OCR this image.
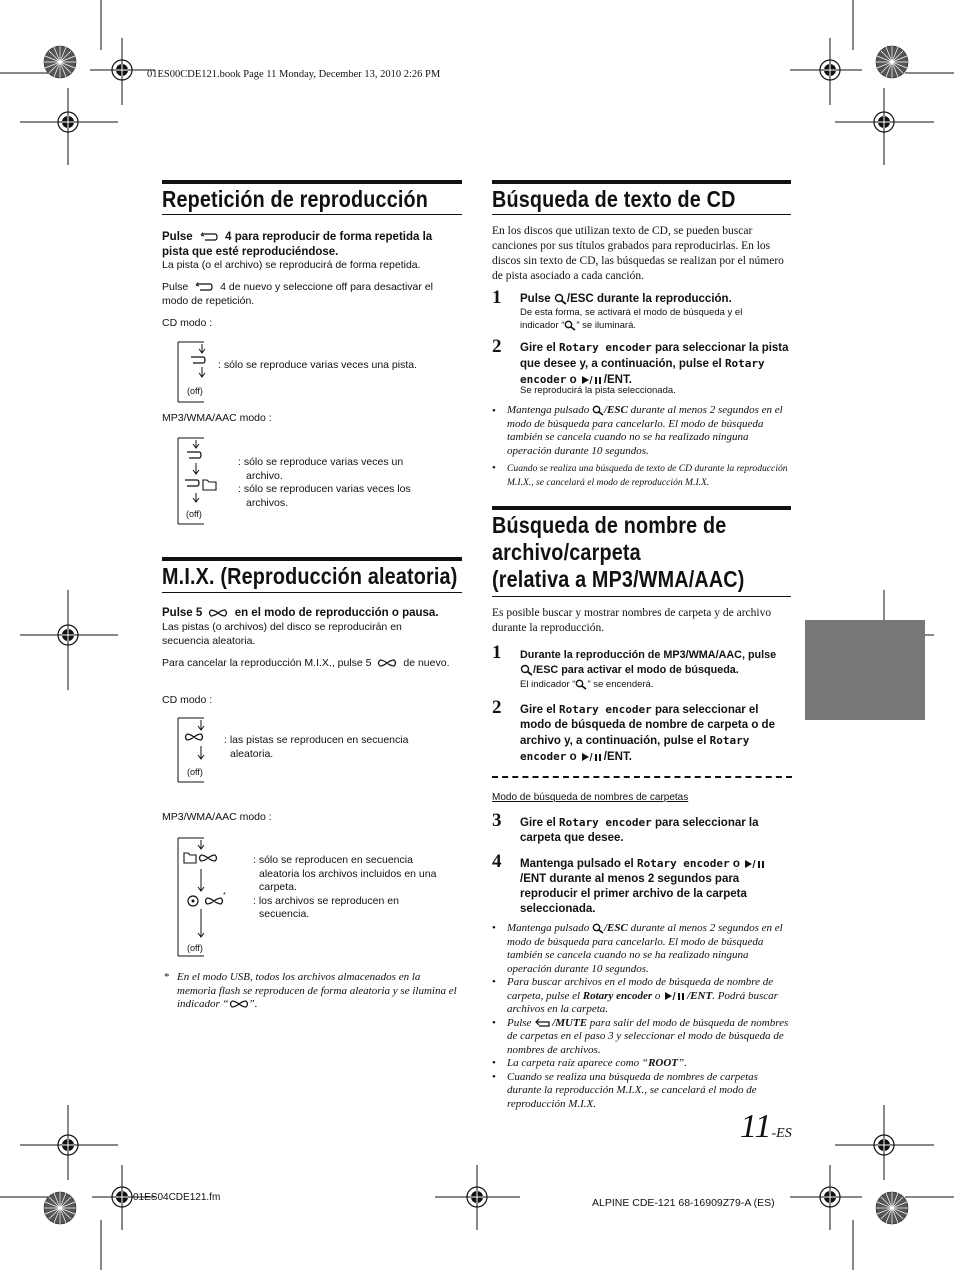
01ES00CDE121.book Page 11 Monday, December 13, 2010 2:26 PM
Repetición de reproducción
Pulse	4 para reproducir de forma repetida la pista que esté reproduciéndose.
La pista (o el archivo) se reproducirá de forma repetida.
Pulse	4 de nuevo y seleccione off para desactivar el modo de repetición.
CD modo :
(off)
: sólo se reproduce varias veces una pista.
MP3/WMA/AAC modo :
(off)
: sólo se reproduce varias veces un
archivo.
: sólo se reproducen varias veces los
archivos.
M.I.X. (Reproducción aleatoria)
Pulse 5	en el modo de reproducción o pausa.
Las pistas (o archivos) del disco se reproducirán en secuencia aleatoria.
Para cancelar la reproducción M.I.X., pulse 5	de nuevo.
CD modo :
(off)
: las pistas se reproducen en secuencia
aleatoria.
MP3/WMA/AAC modo :
*
(off)
: sólo se reproducen en secuencia
aleatoria los archivos incluidos en una
carpeta.
: los archivos se reproducen en
secuencia.
* En el modo USB, todos los archivos almacenados en la memoria flash se reproducen de forma aleatoria y se ilumina el indicador “ ”.
Búsqueda de texto de CD
En los discos que utilizan texto de CD, se pueden buscar canciones por sus títulos grabados para reproducirlas. En los discos sin texto de CD, las búsquedas se realizan por el número de pista asociado a cada canción.
1 Pulse /ESC durante la reproducción.
De esta forma, se activará el modo de búsqueda y el
indicador “ ” se iluminará.
2 Gire el Rotary encoder para seleccionar la pista que desee y, a continuación, pulse el Rotary encoder o /ENT.
Se reproducirá la pista seleccionada.
• Mantenga pulsado /ESC durante al menos 2 segundos en el modo de búsqueda para cancelarlo. El modo de búsqueda también se cancela cuando no se ha realizado ninguna operación durante 10 segundos.
• Cuando se realiza una búsqueda de texto de CD durante la reproducción M.I.X., se cancelará el modo de reproducción M.I.X.
Búsqueda de nombre de
archivo/carpeta
(relativa a MP3/WMA/AAC)
Es posible buscar y mostrar nombres de carpeta y de archivo durante la reproducción.
1 Durante la reproducción de MP3/WMA/AAC, pulse
/ESC para activar el modo de búsqueda.
El indicador “ ” se encenderá.
2 Gire el Rotary encoder para seleccionar el modo de búsqueda de nombre de carpeta o de archivo y, a continuación, pulse el Rotary encoder o /ENT.
Modo de búsqueda de nombres de carpetas
3 Gire el Rotary encoder para seleccionar la carpeta que desee.
4 Mantenga pulsado el Rotary encoder o /ENT durante al menos 2 segundos para reproducir el primer archivo de la carpeta seleccionada.
• Mantenga pulsado /ESC durante al menos 2 segundos en el modo de búsqueda para cancelarlo. El modo de búsqueda también se cancela cuando no se ha realizado ninguna operación durante 10 segundos.
• Para buscar archivos en el modo de búsqueda de nombre de carpeta, pulse el Rotary encoder o /ENT. Podrá buscar archivos en la carpeta.
• Pulse /MUTE para salir del modo de búsqueda de nombres de carpetas en el paso 3 y seleccionar el modo de búsqueda de nombres de archivos.
• La carpeta raíz aparece como “ROOT”.
• Cuando se realiza una búsqueda de nombres de carpetas durante la reproducción M.I.X., se cancelará el modo de reproducción M.I.X.
11-ES
01ES04CDE121.fm	ALPINE CDE-121 68-16909Z79-A (ES)
